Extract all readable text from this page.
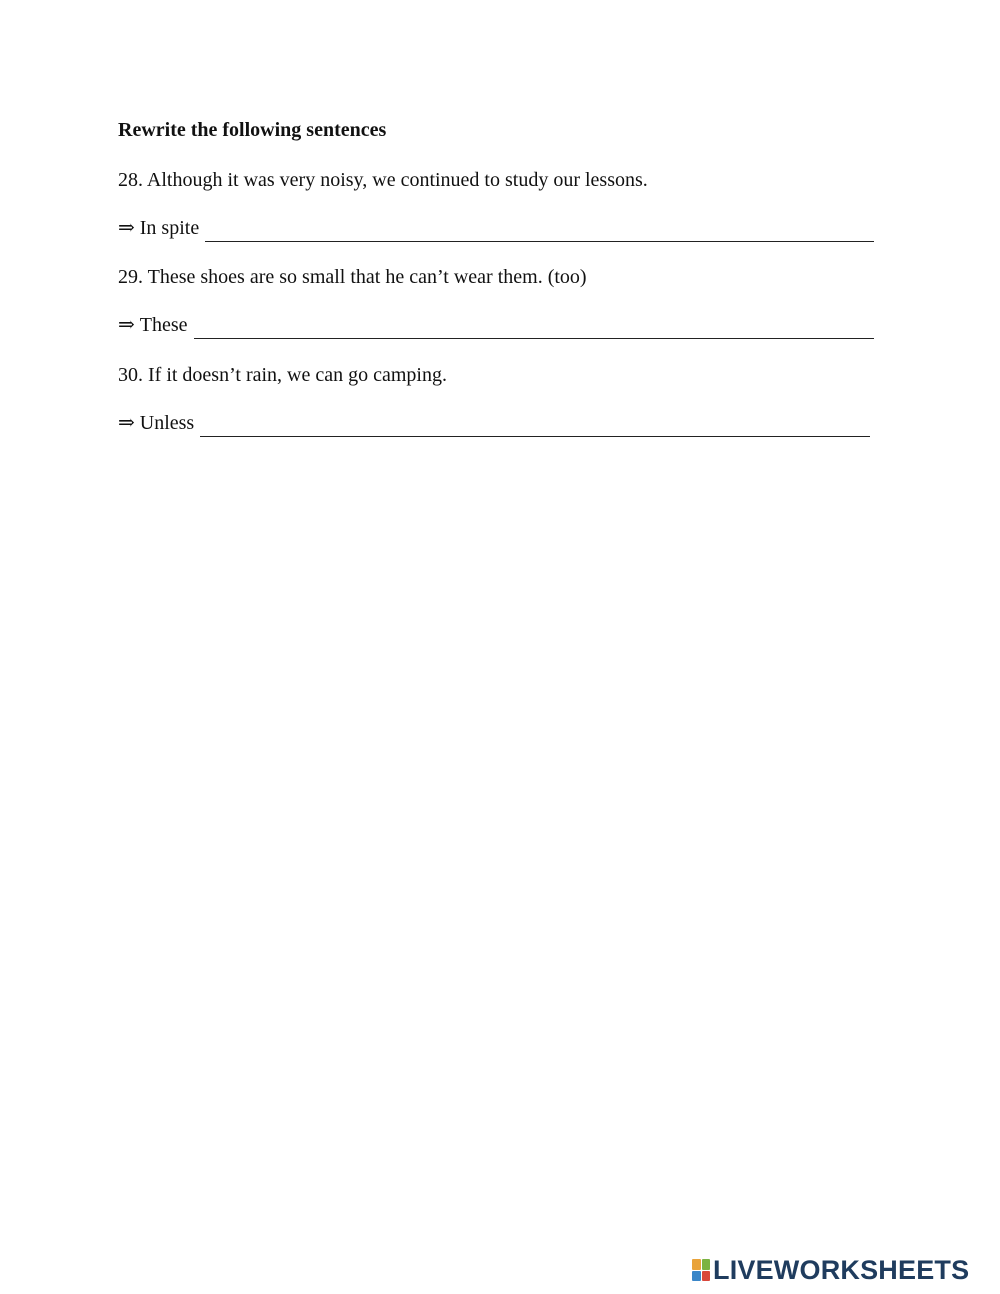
Rewrite the following sentences
28. Although it was very noisy, we continued to study our lessons.
⇒ In spite
29. These shoes are so small that he can’t wear them. (too)
⇒ These
30. If it doesn’t rain, we can go camping.
⇒ Unless
LIVEWORKSHEETS
